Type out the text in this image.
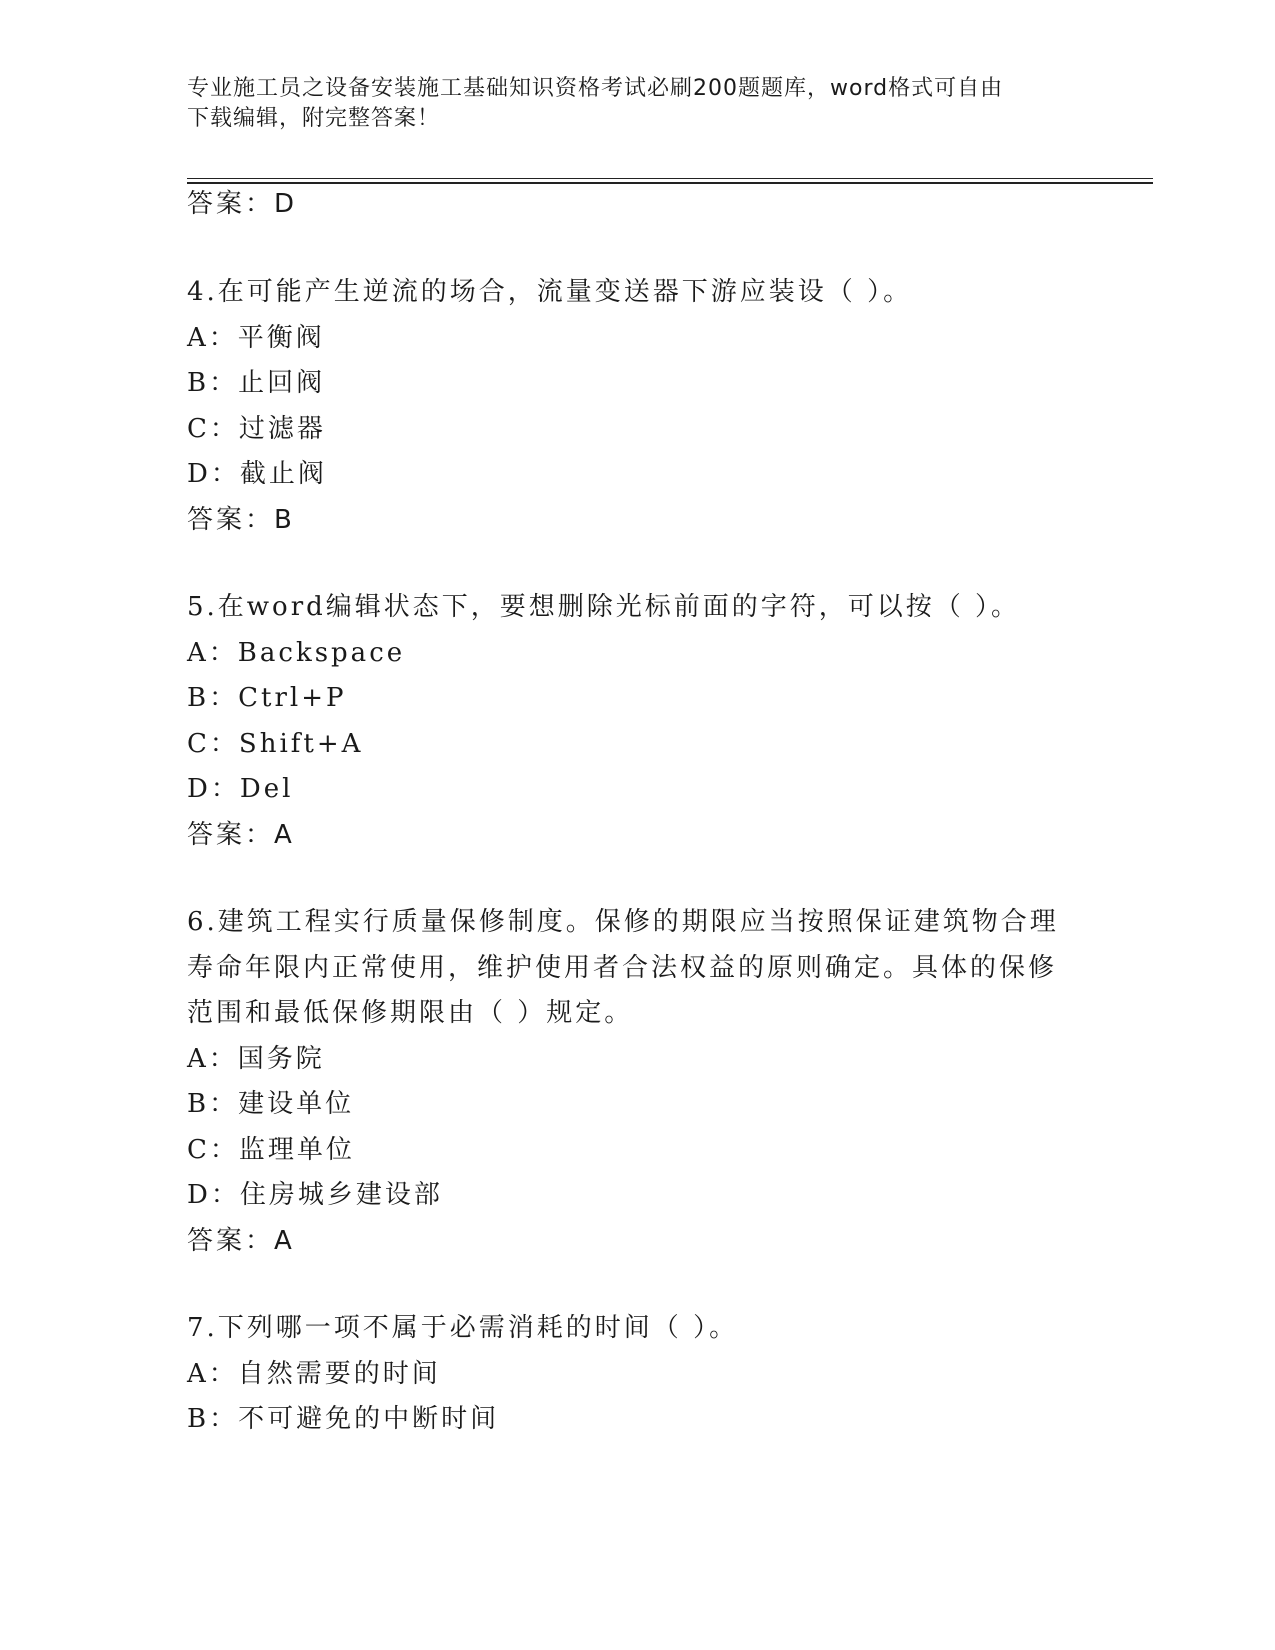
专业施工员之设备安装施工基础知识资格考试必刷200题题库，word格式可自由
下载编辑，附完整答案！
答案：D
4.在可能产生逆流的场合，流量变送器下游应装设（ ）。
A：平衡阀
B：止回阀
C：过滤器
D：截止阀
答案：B
5.在word编辑状态下，要想删除光标前面的字符，可以按（ ）。
A：Backspace
B：Ctrl+P
C：Shift+A
D：Del
答案：A
6.建筑工程实行质量保修制度。保修的期限应当按照保证建筑物合理
寿命年限内正常使用，维护使用者合法权益的原则确定。具体的保修
范围和最低保修期限由（ ）规定。
A：国务院
B：建设单位
C：监理单位
D：住房城乡建设部
答案：A
7.下列哪一项不属于必需消耗的时间（ ）。
A：自然需要的时间
B：不可避免的中断时间
